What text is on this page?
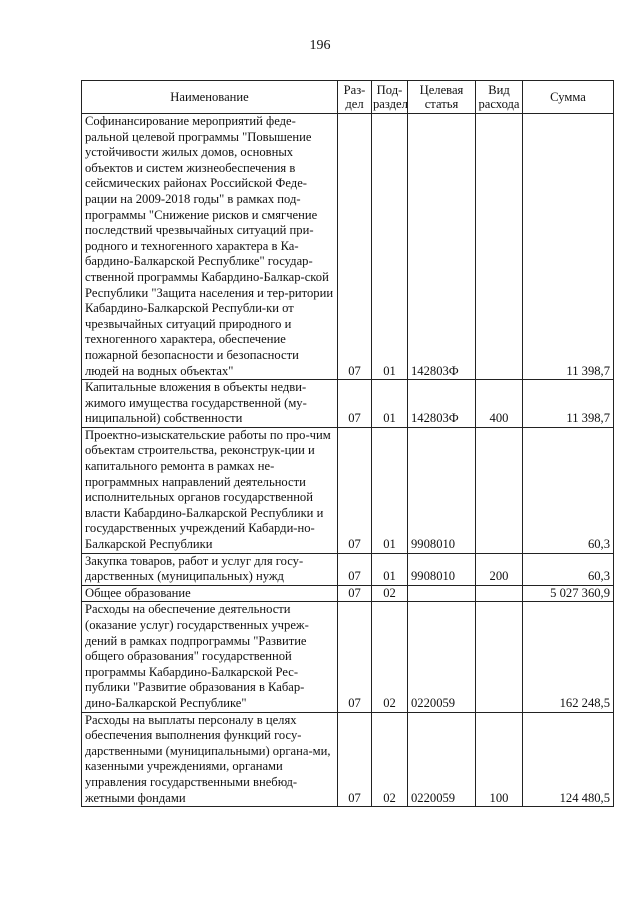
196
Наименование	Раз-дел	Под-раздел	Целевая статья	Вид расхода	Сумма
Софинансирование мероприятий феде-ральной целевой программы "Повышение устойчивости жилых домов, основных объектов и систем жизнеобеспечения в сейсмических районах Российской Феде-рации на 2009-2018 годы" в рамках под-программы "Снижение рисков и смягчение последствий чрезвычайных ситуаций при-родного и техногенного характера в Ка-бардино-Балкарской Республике" государ-ственной программы Кабардино-Балкар-ской Республики "Защита населения и тер-ритории Кабардино-Балкарской Республи-ки от чрезвычайных ситуаций природного и техногенного характера, обеспечение пожарной безопасности и безопасности людей на водных объектах"	07	01	142803Ф		11 398,7
Капитальные вложения в объекты недви-жимого имущества государственной (му-ниципальной) собственности	07	01	142803Ф	400	11 398,7
Проектно-изыскательские работы по про-чим объектам строительства, реконструк-ции и капитального ремонта в рамках не-программных направлений деятельности исполнительных органов государственной власти Кабардино-Балкарской Республики и государственных учреждений Кабарди-но-Балкарской Республики	07	01	9908010		60,3
Закупка товаров, работ и услуг для госу-дарственных (муниципальных) нужд	07	01	9908010	200	60,3
Общее образование	07	02			5 027 360,9
Расходы на обеспечение деятельности (оказание услуг) государственных учреж-дений в рамках подпрограммы "Развитие общего образования" государственной программы Кабардино-Балкарской Рес-публики "Развитие образования в Кабар-дино-Балкарской Республике"	07	02	0220059		162 248,5
Расходы на выплаты персоналу в целях обеспечения выполнения функций госу-дарственными (муниципальными) органа-ми, казенными учреждениями, органами управления государственными внебюд-жетными фондами	07	02	0220059	100	124 480,5
